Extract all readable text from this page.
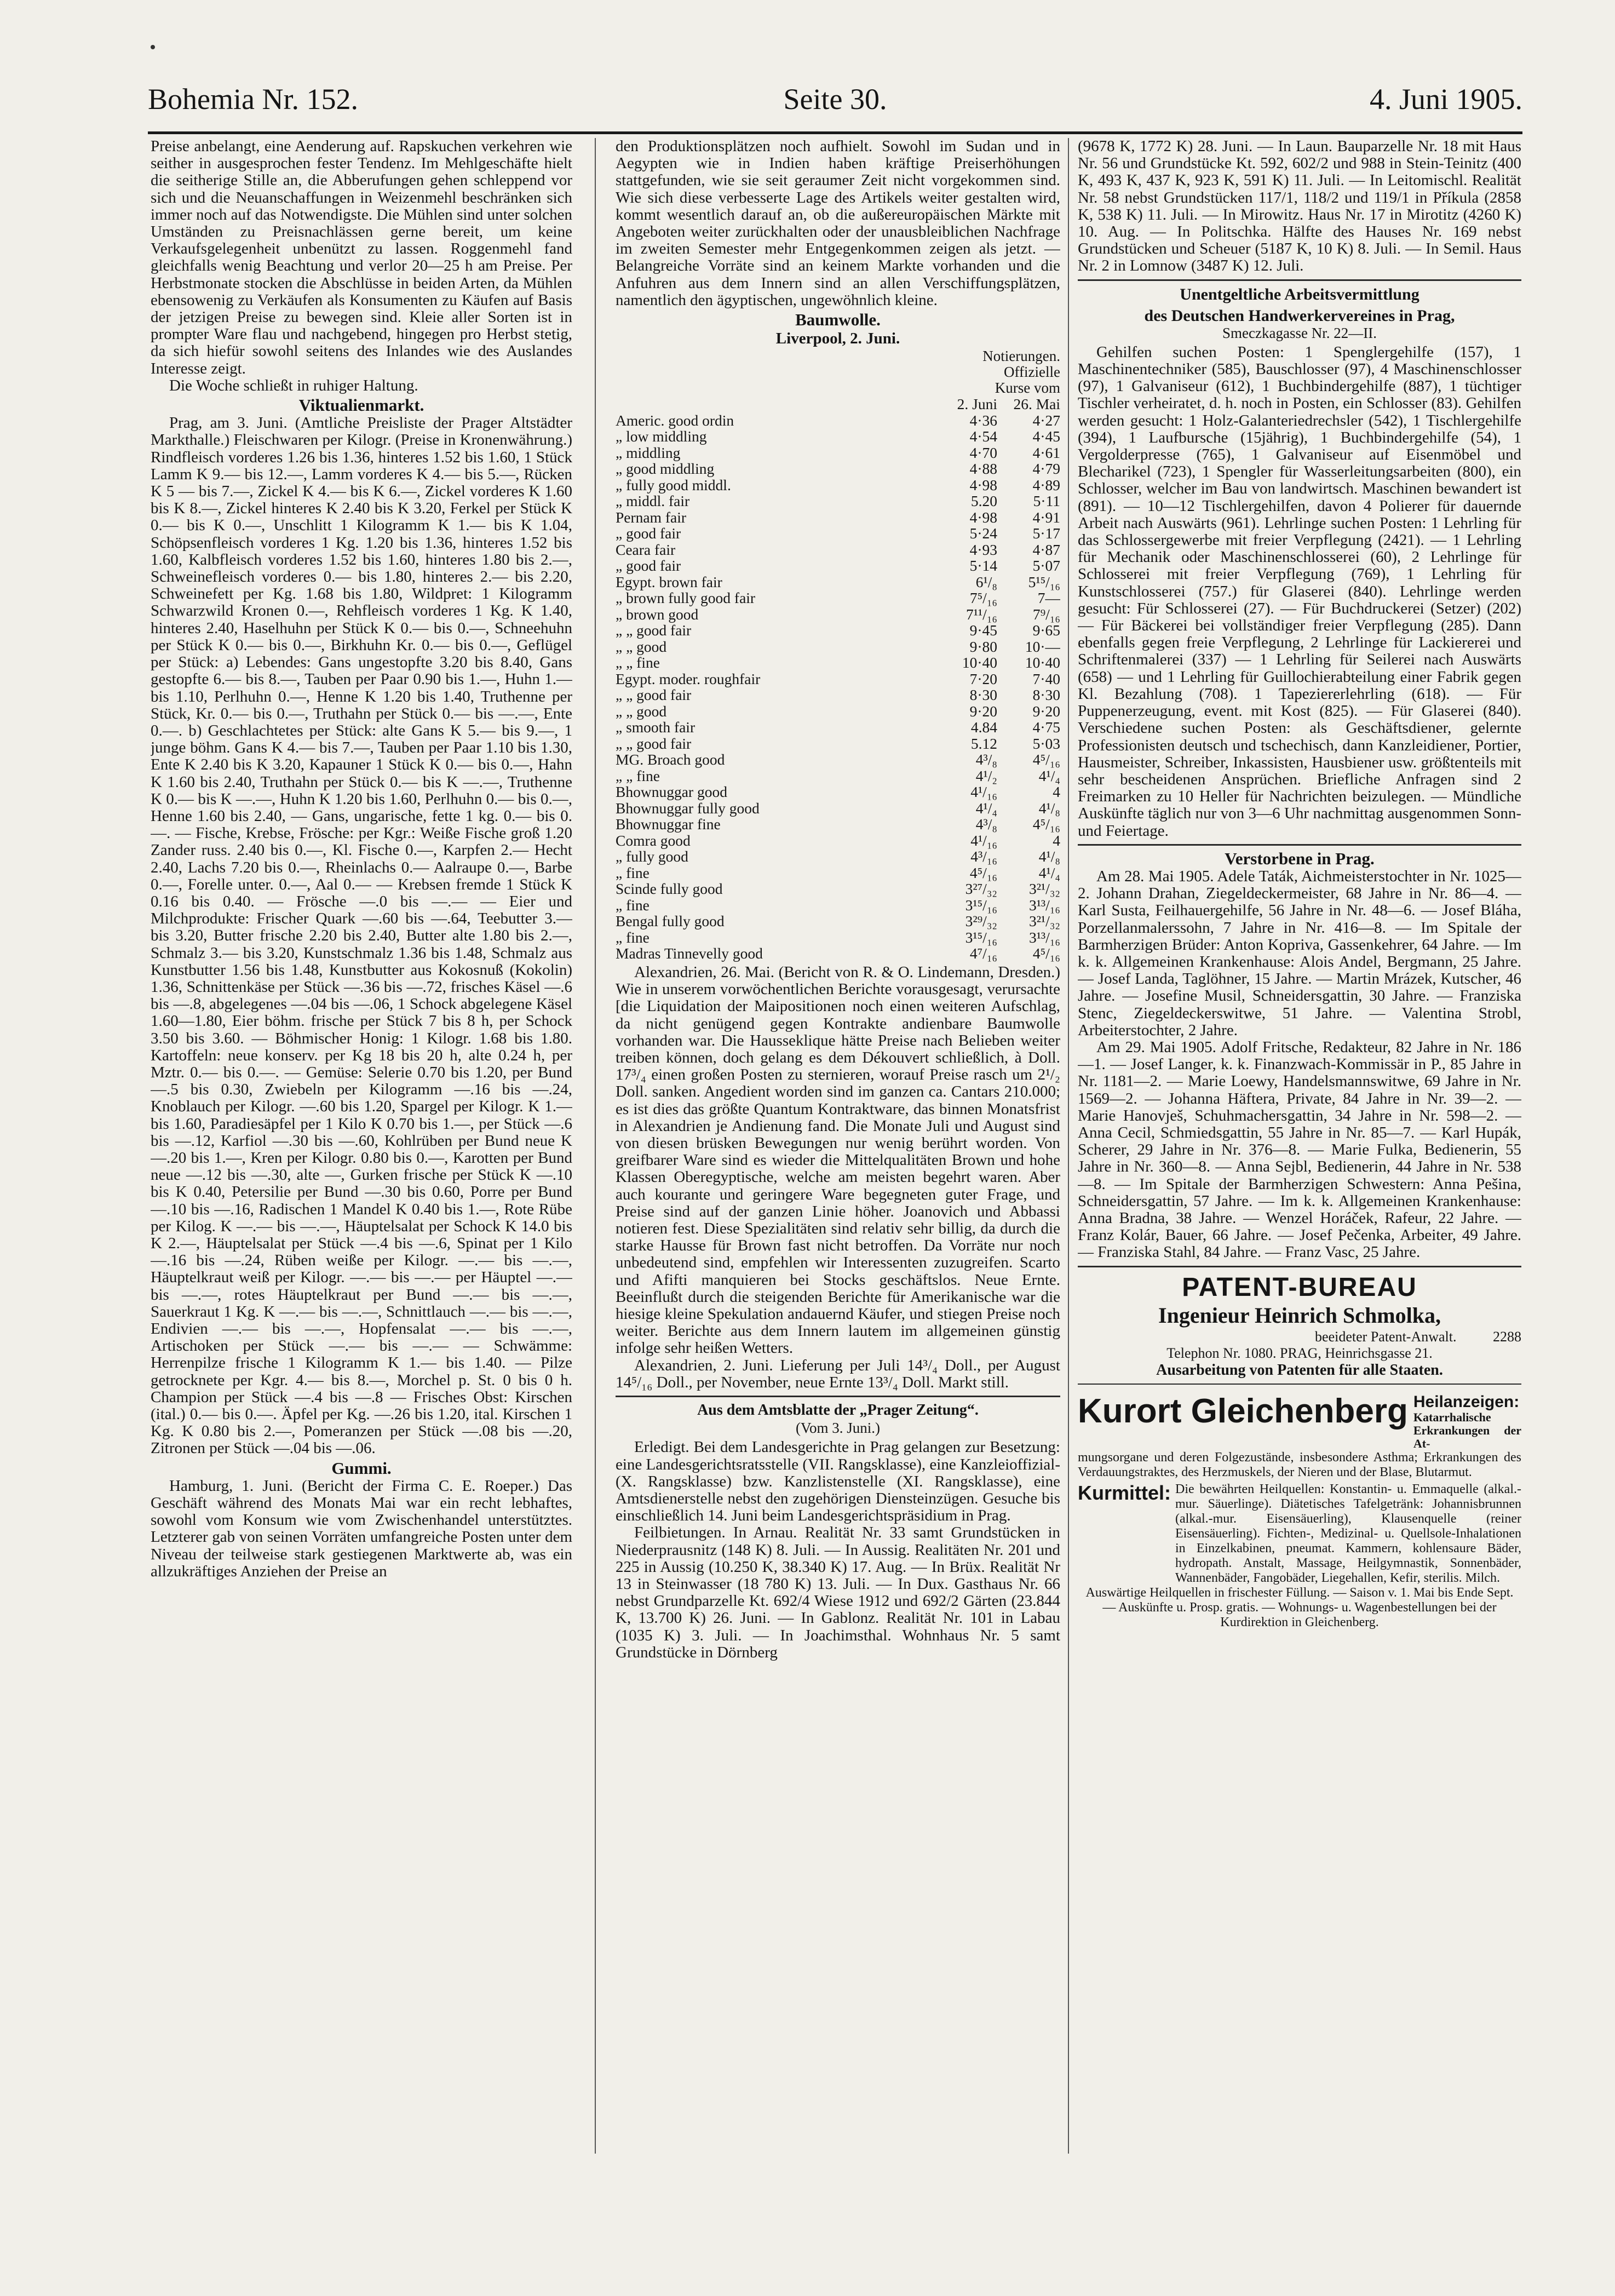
Bohemia Nr. 152.	Seite 30.	4. Juni 1905.

Preise anbelangt, eine Aenderung auf. Rapskuchen verkehren wie seither in ausgesprochen fester Tendenz. Im Mehlgeschäfte hielt die seitherige Stille an, die Abberufungen gehen schleppend vor sich und die Neuanschaffungen in Weizenmehl beschränken sich immer noch auf das Notwendigste. Die Mühlen sind unter solchen Umständen zu Preisnachlässen gerne bereit, um keine Verkaufsgelegenheit unbenützt zu lassen. Roggenmehl fand gleichfalls wenig Beachtung und verlor 20—25 h am Preise. Per Herbstmonate stocken die Abschlüsse in beiden Arten, da Mühlen ebensowenig zu Verkäufen als Konsumenten zu Käufen auf Basis der jetzigen Preise zu bewegen sind. Kleie aller Sorten ist in prompter Ware flau und nachgebend, hingegen pro Herbst stetig, da sich hiefür sowohl seitens des Inlandes wie des Auslandes Interesse zeigt.

Die Woche schließt in ruhiger Haltung.

Viktualienmarkt.

Prag, am 3. Juni. (Amtliche Preisliste der Prager Altstädter Markthalle.) Fleischwaren per Kilogr. (Preise in Kronenwährung.) Rindfleisch vorderes 1.26 bis 1.36, hinteres 1.52 bis 1.60, 1 Stück Lamm K 9.— bis 12.—, Lamm vorderes K 4.— bis 5.—, Rücken K 5 — bis 7.—, Zickel K 4.— bis K 6.—, Zickel vorderes K 1.60 bis K 8.—, Zickel hinteres K 2.40 bis K 3.20, Ferkel per Stück K 0.— bis K 0.—, Unschlitt 1 Kilogramm K 1.— bis K 1.04, Schöpsenfleisch vorderes 1 Kg. 1.20 bis 1.36, hinteres 1.52 bis 1.60, Kalbfleisch vorderes 1.52 bis 1.60, hinteres 1.80 bis 2.—, Schweinefleisch vorderes 0.— bis 1.80, hinteres 2.— bis 2.20, Schweinefett per Kg. 1.68 bis 1.80, Wildpret: 1 Kilogramm Schwarzwild Kronen 0.—, Rehfleisch vorderes 1 Kg. K 1.40, hinteres 2.40, Haselhuhn per Stück K 0.— bis 0.—, Schneehuhn per Stück K 0.— bis 0.—, Birkhuhn Kr. 0.— bis 0.—, Geflügel per Stück: a) Lebendes: Gans ungestopfte 3.20 bis 8.40, Gans gestopfte 6.— bis 8.—, Tauben per Paar 0.90 bis 1.—, Huhn 1.— bis 1.10, Perlhuhn 0.—, Henne K 1.20 bis 1.40, Truthenne per Stück, Kr. 0.— bis 0.—, Truthahn per Stück 0.— bis —.—, Ente 0.—. b) Geschlachtetes per Stück: alte Gans K 5.— bis 9.—, 1 junge böhm. Gans K 4.— bis 7.—, Tauben per Paar 1.10 bis 1.30, Ente K 2.40 bis K 3.20, Kapauner 1 Stück K 0.— bis 0.—, Hahn K 1.60 bis 2.40, Truthahn per Stück 0.— bis K —.—, Truthenne K 0.— bis K —.—, Huhn K 1.20 bis 1.60, Perlhuhn 0.— bis 0.—, Henne 1.60 bis 2.40, — Gans, ungarische, fette 1 kg. 0.— bis 0.—. — Fische, Krebse, Frösche: per Kgr.: Weiße Fische groß 1.20 Zander russ. 2.40 bis 0.—, Kl. Fische 0.—, Karpfen 2.— Hecht 2.40, Lachs 7.20 bis 0.—, Rheinlachs 0.— Aalraupe 0.—, Barbe 0.—, Forelle unter. 0.—, Aal 0.— — Krebsen fremde 1 Stück K 0.16 bis 0.40. — Frösche —.0 bis —.— — Eier und Milchprodukte: Frischer Quark —.60 bis —.64, Teebutter 3.— bis 3.20, Butter frische 2.20 bis 2.40, Butter alte 1.80 bis 2.—, Schmalz 3.— bis 3.20, Kunstschmalz 1.36 bis 1.48, Schmalz aus Kunstbutter 1.56 bis 1.48, Kunstbutter aus Kokosnuß (Kokolin) 1.36, Schnittenkäse per Stück —.36 bis —.72, frisches Käsel —.6 bis —.8, abgelegenes —.04 bis —.06, 1 Schock abgelegene Käsel 1.60—1.80, Eier böhm. frische per Stück 7 bis 8 h, per Schock 3.50 bis 3.60. — Böhmischer Honig: 1 Kilogr. 1.68 bis 1.80. Kartoffeln: neue konserv. per Kg 18 bis 20 h, alte 0.24 h, per Mztr. 0.— bis 0.—. — Gemüse: Selerie 0.70 bis 1.20, per Bund —.5 bis 0.30, Zwiebeln per Kilogramm —.16 bis —.24, Knoblauch per Kilogr. —.60 bis 1.20, Spargel per Kilogr. K 1.— bis 1.60, Paradiesäpfel per 1 Kilo K 0.70 bis 1.—, per Stück —.6 bis —.12, Karfiol —.30 bis —.60, Kohlrüben per Bund neue K —.20 bis 1.—, Kren per Kilogr. 0.80 bis 0.—, Karotten per Bund neue —.12 bis —.30, alte —, Gurken frische per Stück K —.10 bis K 0.40, Petersilie per Bund —.30 bis 0.60, Porre per Bund —.10 bis —.16, Radischen 1 Mandel K 0.40 bis 1.—, Rote Rübe per Kilog. K —.— bis —.—, Häuptelsalat per Schock K 14.0 bis K 2.—, Häuptelsalat per Stück —.4 bis —.6, Spinat per 1 Kilo —.16 bis —.24, Rüben weiße per Kilogr. —.— bis —.—, Häuptelkraut weiß per Kilogr. —.— bis —.— per Häuptel —.— bis —.—, rotes Häuptelkraut per Bund —.— bis —.—, Sauerkraut 1 Kg. K —.— bis —.—, Schnittlauch —.— bis —.—, Endivien —.— bis —.—, Hopfensalat —.— bis —.—, Artischoken per Stück —.— bis —.— — Schwämme: Herrenpilze frische 1 Kilogramm K 1.— bis 1.40. — Pilze getrocknete per Kgr. 4.— bis 8.—, Morchel p. St. 0 bis 0 h. Champion per Stück —.4 bis —.8 — Frisches Obst: Kirschen (ital.) 0.— bis 0.—. Äpfel per Kg. —.26 bis 1.20, ital. Kirschen 1 Kg. K 0.80 bis 2.—, Pomeranzen per Stück —.08 bis —.20, Zitronen per Stück —.04 bis —.06.

Gummi.

Hamburg, 1. Juni. (Bericht der Firma C. E. Roeper.) Das Geschäft während des Monats Mai war ein recht lebhaftes, sowohl vom Konsum wie vom Zwischenhandel unterstütztes. Letzterer gab von seinen Vorräten umfangreiche Posten unter dem Niveau der teilweise stark gestiegenen Marktwerte ab, was ein allzukräftiges Anziehen der Preise an

den Produktionsplätzen noch aufhielt. Sowohl im Sudan und in Aegypten wie in Indien haben kräftige Preiserhöhungen stattgefunden, wie sie seit geraumer Zeit nicht vorgekommen sind. Wie sich diese verbesserte Lage des Artikels weiter gestalten wird, kommt wesentlich darauf an, ob die außereuropäischen Märkte mit Angeboten weiter zurückhalten oder der unausbleiblichen Nachfrage im zweiten Semester mehr Entgegenkommen zeigen als jetzt. — Belangreiche Vorräte sind an keinem Markte vorhanden und die Anfuhren aus dem Innern sind an allen Verschiffungsplätzen, namentlich den ägyptischen, ungewöhnlich kleine.

Baumwolle.
Liverpool, 2. Juni.
Notierungen.
Offizielle
Kurse vom
	2. Juni	26. Mai
Americ. good ordin	4·36	4·27
„ low middling	4·54	4·45
„ middling	4·70	4·61
„ good middling	4·88	4·79
„ fully good middl.	4·98	4·89
„ middl. fair	5.20	5·11
Pernam fair	4·98	4·91
„ good fair	5·24	5·17
Ceara fair	4·93	4·87
„ good fair	5·14	5·07
Egypt. brown fair	6¹/₈	5¹⁵/₁₆
„ brown fully good fair	7⁵/₁₆	7—
„ brown good	7¹¹/₁₆	7⁹/₁₆
„ „ good fair	9·45	9·65
„ „ good	9·80	10·—
„ „ fine	10·40	10·40
Egypt. moder. roughfair	7·20	7·40
„ „ good fair	8·30	8·30
„ „ good	9·20	9·20
„ smooth fair	4.84	4·75
„ „ good fair	5.12	5·03
MG. Broach good	4³/₈	4⁵/₁₆
„ „ fine	4¹/₂	4¹/₄
Bhownuggar good	4¹/₁₆	4
Bhownuggar fully good	4¹/₄	4¹/₈
Bhownuggar fine	4³/₈	4⁵/₁₆
Comra good	4¹/₁₆	4
„ fully good	4³/₁₆	4¹/₈
„ fine	4⁵/₁₆	4¹/₄
Scinde fully good	3²⁷/₃₂	3²¹/₃₂
„ fine	3¹⁵/₁₆	3¹³/₁₆
Bengal fully good	3²⁹/₃₂	3²¹/₃₂
„ fine	3¹⁵/₁₆	3¹³/₁₆
Madras Tinnevelly good	4⁷/₁₆	4⁵/₁₆

Alexandrien, 26. Mai. (Bericht von R. & O. Lindemann, Dresden.) Wie in unserem vorwöchentlichen Berichte vorausgesagt, verursachte [die Liquidation der Maipositionen noch einen weiteren Aufschlag, da nicht genügend gegen Kontrakte andienbare Baumwolle vorhanden war. Die Hausseklique hätte Preise nach Belieben weiter treiben können, doch gelang es dem Dékouvert schließlich, à Doll. 17³/₄ einen großen Posten zu sternieren, worauf Preise rasch um 2¹/₂ Doll. sanken. Angedient worden sind im ganzen ca. Cantars 210.000; es ist dies das größte Quantum Kontraktware, das binnen Monatsfrist in Alexandrien je Andienung fand. Die Monate Juli und August sind von diesen brüsken Bewegungen nur wenig berührt worden. Von greifbarer Ware sind es wieder die Mittelqualitäten Brown und hohe Klassen Oberegyptische, welche am meisten begehrt waren. Aber auch kourante und geringere Ware begegneten guter Frage, und Preise sind auf der ganzen Linie höher. Joanovich und Abbassi notieren fest. Diese Spezialitäten sind relativ sehr billig, da durch die starke Hausse für Brown fast nicht betroffen. Da Vorräte nur noch unbedeutend sind, empfehlen wir Interessenten zuzugreifen. Scarto und Afifti manquieren bei Stocks geschäftslos. Neue Ernte. Beeinflußt durch die steigenden Berichte für Amerikanische war die hiesige kleine Spekulation andauernd Käufer, und stiegen Preise noch weiter. Berichte aus dem Innern lautem im allgemeinen günstig infolge sehr heißen Wetters.

Alexandrien, 2. Juni. Lieferung per Juli 14³/₄ Doll., per August 14⁵/₁₆ Doll., per November, neue Ernte 13³/₄ Doll. Markt still.

Aus dem Amtsblatte der „Prager Zeitung“.
(Vom 3. Juni.)

Erledigt. Bei dem Landesgerichte in Prag gelangen zur Besetzung: eine Landesgerichtsratsstelle (VII. Rangsklasse), eine Kanzleioffizial- (X. Rangsklasse) bzw. Kanzlistenstelle (XI. Rangsklasse), eine Amtsdienerstelle nebst den zugehörigen Diensteinzügen. Gesuche bis einschließlich 14. Juni beim Landesgerichtspräsidium in Prag.

Feilbietungen. In Arnau. Realität Nr. 33 samt Grundstücken in Niederprausnitz (148 K) 8. Juli. — In Aussig. Realitäten Nr. 201 und 225 in Aussig (10.250 K, 38.340 K) 17. Aug. — In Brüx. Realität Nr 13 in Steinwasser (18 780 K) 13. Juli. — In Dux. Gasthaus Nr. 66 nebst Grundparzelle Kt. 692/4 Wiese 1912 und 692/2 Gärten (23.844 K, 13.700 K) 26. Juni. — In Gablonz. Realität Nr. 101 in Labau (1035 K) 3. Juli. — In Joachimsthal. Wohnhaus Nr. 5 samt Grundstücke in Dörnberg

(9678 K, 1772 K) 28. Juni. — In Laun. Bauparzelle Nr. 18 mit Haus Nr. 56 und Grundstücke Kt. 592, 602/2 und 988 in Stein-Teinitz (400 K, 493 K, 437 K, 923 K, 591 K) 11. Juli. — In Leitomischl. Realität Nr. 58 nebst Grundstücken 117/1, 118/2 und 119/1 in Příkula (2858 K, 538 K) 11. Juli. — In Mirowitz. Haus Nr. 17 in Mirotitz (4260 K) 10. Aug. — In Politschka. Hälfte des Hauses Nr. 169 nebst Grundstücken und Scheuer (5187 K, 10 K) 8. Juli. — In Semil. Haus Nr. 2 in Lomnow (3487 K) 12. Juli.

Unentgeltliche Arbeitsvermittlung
des Deutschen Handwerkervereines in Prag,
Smeczkagasse Nr. 22—II.

Gehilfen suchen Posten: 1 Spenglergehilfe (157), 1 Maschinentechniker (585), Bauschlosser (97), 4 Maschinenschlosser (97), 1 Galvaniseur (612), 1 Buchbindergehilfe (887), 1 tüchtiger Tischler verheiratet, d. h. noch in Posten, ein Schlosser (83). Gehilfen werden gesucht: 1 Holz-Galanteriedrechsler (542), 1 Tischlergehilfe (394), 1 Laufbursche (15jährig), 1 Buchbindergehilfe (54), 1 Vergolderpresse (765), 1 Galvaniseur auf Eisenmöbel und Blecharikel (723), 1 Spengler für Wasserleitungsarbeiten (800), ein Schlosser, welcher im Bau von landwirtsch. Maschinen bewandert ist (891). — 10—12 Tischlergehilfen, davon 4 Polierer für dauernde Arbeit nach Auswärts (961). Lehrlinge suchen Posten: 1 Lehrling für das Schlossergewerbe mit freier Verpflegung (2421). — 1 Lehrling für Mechanik oder Maschinenschlosserei (60), 2 Lehrlinge für Schlosserei mit freier Verpflegung (769), 1 Lehrling für Kunstschlosserei (757.) für Glaserei (840). Lehrlinge werden gesucht: Für Schlosserei (27). — Für Buchdruckerei (Setzer) (202) — Für Bäckerei bei vollständiger freier Verpflegung (285). Dann ebenfalls gegen freie Verpflegung, 2 Lehrlinge für Lackiererei und Schriftenmalerei (337) — 1 Lehrling für Seilerei nach Auswärts (658) — und 1 Lehrling für Guillochierabteilung einer Fabrik gegen Kl. Bezahlung (708). 1 Tapeziererlehrling (618). — Für Puppenerzeugung, event. mit Kost (825). — Für Glaserei (840). Verschiedene suchen Posten: als Geschäftsdiener, gelernte Professionisten deutsch und tschechisch, dann Kanzleidiener, Portier, Hausmeister, Schreiber, Inkassisten, Hausbiener usw. größtenteils mit sehr bescheidenen Ansprüchen. Briefliche Anfragen sind 2 Freimarken zu 10 Heller für Nachrichten beizulegen. — Mündliche Auskünfte täglich nur von 3—6 Uhr nachmittag ausgenommen Sonn- und Feiertage.

Verstorbene in Prag.

Am 28. Mai 1905. Adele Taták, Aichmeisterstochter in Nr. 1025—2. Johann Drahan, Ziegeldeckermeister, 68 Jahre in Nr. 86—4. — Karl Susta, Feilhauergehilfe, 56 Jahre in Nr. 48—6. — Josef Bláha, Porzellanmalerssohn, 7 Jahre in Nr. 416—8. — Im Spitale der Barmherzigen Brüder: Anton Kopriva, Gassenkehrer, 64 Jahre. — Im k. k. Allgemeinen Krankenhause: Alois Andel, Bergmann, 25 Jahre. — Josef Landa, Taglöhner, 15 Jahre. — Martin Mrázek, Kutscher, 46 Jahre. — Josefine Musil, Schneidersgattin, 30 Jahre. — Franziska Stenc, Ziegeldeckerswitwe, 51 Jahre. — Valentina Strobl, Arbeiterstochter, 2 Jahre.

Am 29. Mai 1905. Adolf Fritsche, Redakteur, 82 Jahre in Nr. 186—1. — Josef Langer, k. k. Finanzwach-Kommissär in P., 85 Jahre in Nr. 1181—2. — Marie Loewy, Handelsmannswitwe, 69 Jahre in Nr. 1569—2. — Johanna Häftera, Private, 84 Jahre in Nr. 39—2. — Marie Hanovješ, Schuhmachersgattin, 34 Jahre in Nr. 598—2. — Anna Cecil, Schmiedsgattin, 55 Jahre in Nr. 85—7. — Karl Hupák, Scherer, 29 Jahre in Nr. 376—8. — Marie Fulka, Bedienerin, 55 Jahre in Nr. 360—8. — Anna Sejbl, Bedienerin, 44 Jahre in Nr. 538—8. — Im Spitale der Barmherzigen Schwestern: Anna Pešina, Schneidersgattin, 57 Jahre. — Im k. k. Allgemeinen Krankenhause: Anna Bradna, 38 Jahre. — Wenzel Horáček, Rafeur, 22 Jahre. — Franz Kolár, Bauer, 66 Jahre. — Josef Pečenka, Arbeiter, 49 Jahre. — Franziska Stahl, 84 Jahre. — Franz Vasc, 25 Jahre.

PATENT-BUREAU
Ingenieur Heinrich Schmolka,
beeideter Patent-Anwalt.	2288
Telephon Nr. 1080. PRAG, Heinrichsgasse 21.
Ausarbeitung von Patenten für alle Staaten.
Kurort Gleichenberg Heilanzeigen:
Katarrhalische Erkrankungen der At-
mungsorgane und deren Folgezustände, insbesondere Asthma; Erkrankungen des Verdauungstraktes, des Herzmuskels, der Nieren und der Blase, Blutarmut.
Kurmittel: Die bewährten Heilquellen: Konstantin- u. Emmaquelle (alkal.-mur. Säuerlinge). Diätetisches Tafelgetränk: Johannisbrunnen (alkal.-mur. Eisensäuerling), Klausenquelle (reiner Eisensäuerling). Fichten-, Medizinal- u. Quellsole-Inhalationen in Einzelkabinen, pneumat. Kammern, kohlensaure Bäder, hydropath. Anstalt, Massage, Heilgymnastik, Sonnenbäder, Wannenbäder, Fangobäder, Liegehallen, Kefir, sterilis. Milch.
Auswärtige Heilquellen in frischester Füllung. — Saison v. 1. Mai bis Ende Sept. — Auskünfte u. Prosp. gratis. — Wohnungs- u. Wagenbestellungen bei der Kurdirektion in Gleichenberg.
